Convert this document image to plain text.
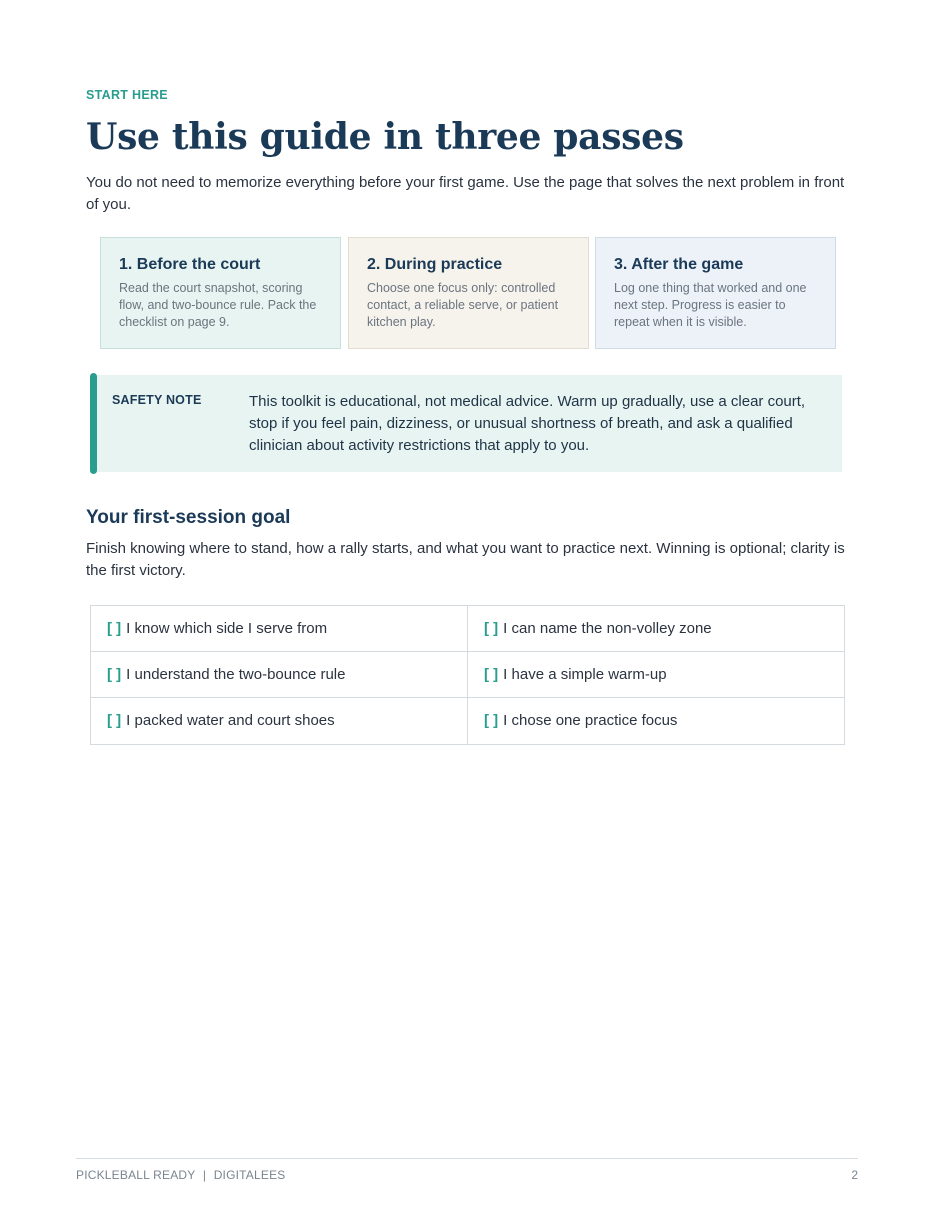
START HERE
Use this guide in three passes

You do not need to memorize everything before your first game. Use the page that solves the next problem in front of you.

1. Before the court
Read the court snapshot, scoring flow, and two-bounce rule. Pack the checklist on page 9.
2. During practice
Choose one focus only: controlled contact, a reliable serve, or patient kitchen play.
3. After the game
Log one thing that worked and one next step. Progress is easier to repeat when it is visible.
SAFETY NOTE	This toolkit is educational, not medical advice. Warm up gradually, use a clear court, stop if you feel pain, dizziness, or unusual shortness of breath, and ask a qualified clinician about activity restrictions that apply to you.
Your first-session goal

Finish knowing where to stand, how a rally starts, and what you want to practice next. Winning is optional; clarity is the first victory.

[ ] I know which side I serve from	[ ] I can name the non-volley zone
[ ] I understand the two-bounce rule	[ ] I have a simple warm-up
[ ] I packed water and court shoes	[ ] I chose one practice focus
PICKLEBALL READY | DIGITALEES	2
